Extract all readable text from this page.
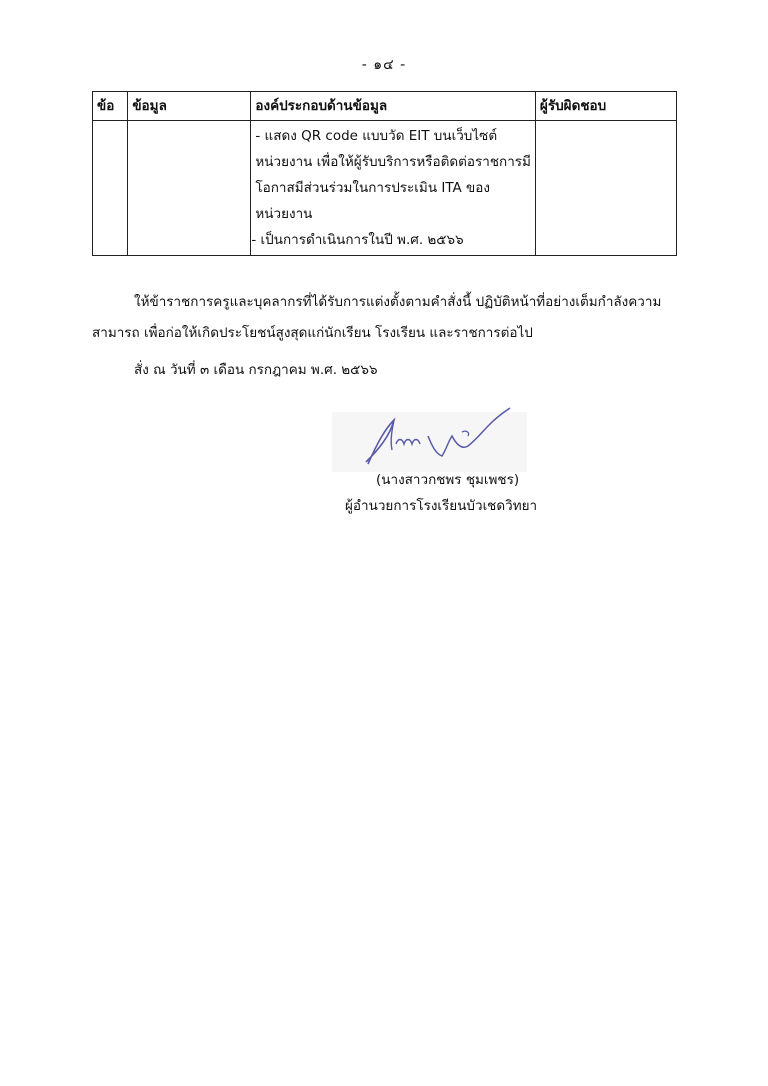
- ๑๔ -
ข้อ	ข้อมูล	องค์ประกอบด้านข้อมูล	ผู้รับผิดชอบ

		- แสดง QR code แบบวัด EIT บนเว็บไซต์
หน่วยงาน เพื่อให้ผู้รับบริการหรือติดต่อราชการมี
โอกาสมีส่วนร่วมในการประเมิน ITA ของ
หน่วยงาน
- เป็นการดำเนินการในปี พ.ศ. ๒๕๖๖	

ให้ข้าราชการครูและบุคลากรที่ได้รับการแต่งตั้งตามคำสั่งนี้ ปฏิบัติหน้าที่อย่างเต็มกำลังความสามารถ เพื่อก่อให้เกิดประโยชน์สูงสุดแก่นักเรียน โรงเรียน และราชการต่อไป
สั่ง ณ วันที่ ๓ เดือน กรกฎาคม พ.ศ. ๒๕๖๖
(นางสาวกชพร ชุมเพชร)
ผู้อำนวยการโรงเรียนบัวเชดวิทยา
